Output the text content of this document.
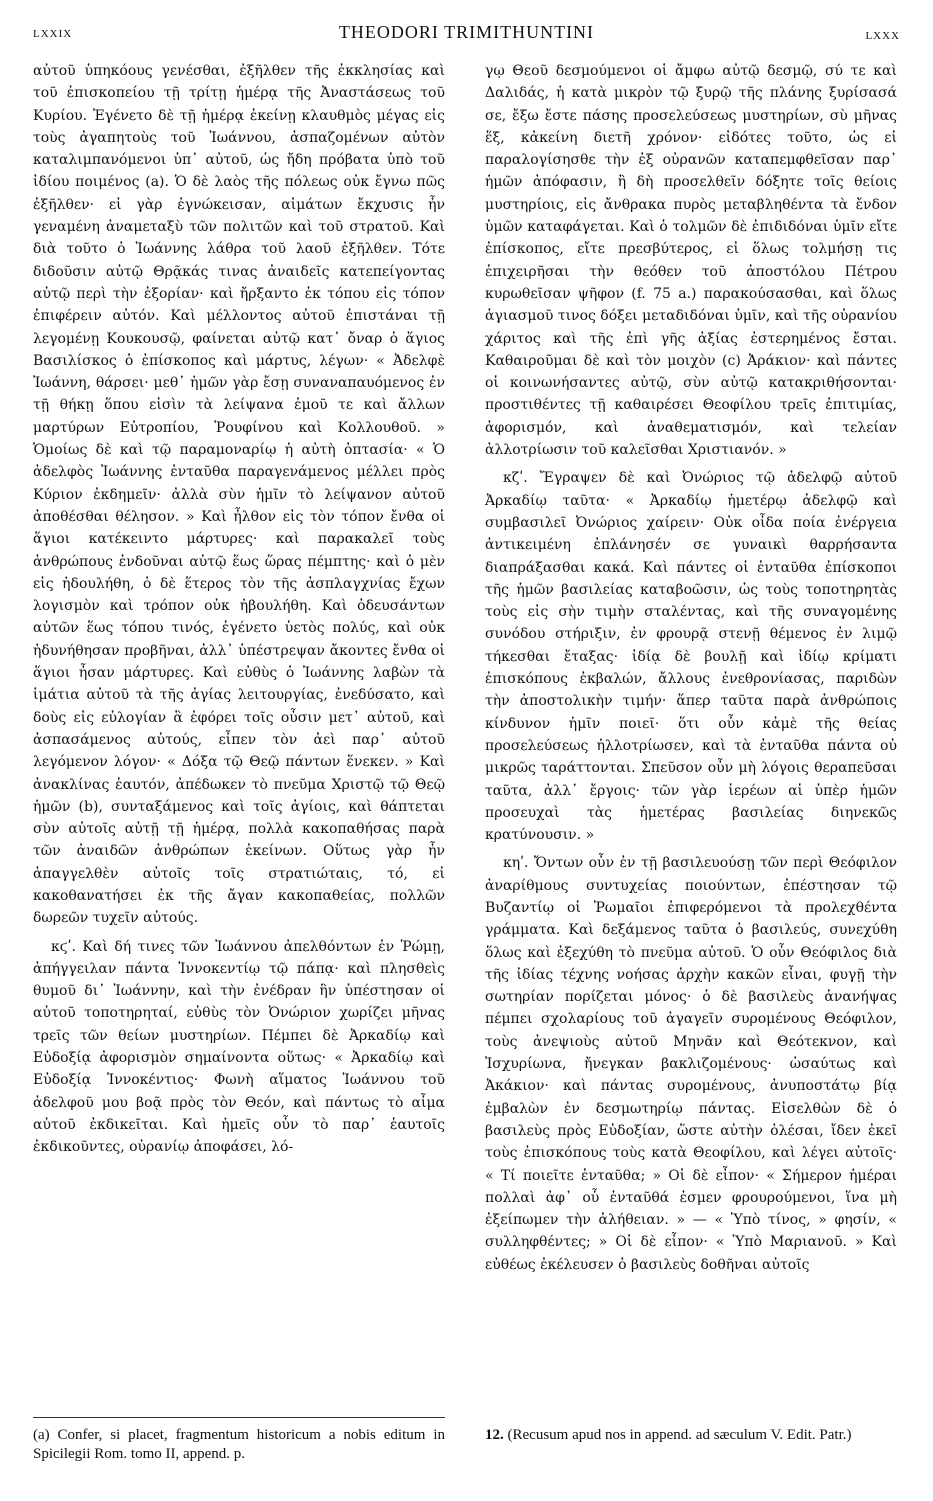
LXXIX	THEODORI TRIMITHUNTINI	LXXX

αὐτοῦ ὑπηκόους γενέσθαι, ἐξῆλθεν τῆς ἐκκλησίας καὶ τοῦ ἐπισκοπείου τῇ τρίτῃ ἡμέρᾳ τῆς Ἀναστάσεως τοῦ Κυρίου. Ἐγένετο δὲ τῇ ἡμέρᾳ ἐκείνῃ κλαυθμὸς μέγας εἰς τοὺς ἀγαπητοὺς τοῦ Ἰωάννου, ἀσπαζομένων αὐτὸν καταλιμπανόμενοι ὑπ᾽ αὐτοῦ, ὡς ἤδη πρόβατα ὑπὸ τοῦ ἰδίου ποιμένος (a). Ὁ δὲ λαὸς τῆς πόλεως οὐκ ἔγνω πῶς ἐξῆλθεν· εἰ γὰρ ἐγνώκεισαν, αἱμάτων ἔκχυσις ἦν γεναμένη ἀναμεταξὺ τῶν πολιτῶν καὶ τοῦ στρατοῦ. Καὶ διὰ τοῦτο ὁ Ἰωάννης λάθρα τοῦ λαοῦ ἐξῆλθεν. Τότε διδοῦσιν αὐτῷ Θρᾷκάς τινας ἀναιδεῖς κατεπείγοντας αὐτῷ περὶ τὴν ἐξορίαν· καὶ ἤρξαντο ἐκ τόπου εἰς τόπον ἐπιφέρειν αὐτόν. Καὶ μέλλοντος αὐτοῦ ἐπιστάναι τῇ λεγομένῃ Κουκουσῷ, φαίνεται αὐτῷ κατ᾽ ὄναρ ὁ ἅγιος Βασιλίσκος ὁ ἐπίσκοπος καὶ μάρτυς, λέγων· « Ἀδελφὲ Ἰωάννη, θάρσει· μεθ᾽ ἡμῶν γὰρ ἔσῃ συναναπαυόμενος ἐν τῇ θήκῃ ὅπου εἰσὶν τὰ λείψανα ἐμοῦ τε καὶ ἄλλων μαρτύρων Εὐτροπίου, Ῥουφίνου καὶ Κολλουθοῦ. » Ὁμοίως δὲ καὶ τῷ παραμοναρίῳ ἡ αὐτὴ ὀπτασία· « Ὁ ἀδελφὸς Ἰωάννης ἐνταῦθα παραγενάμενος μέλλει πρὸς Κύριον ἐκδημεῖν· ἀλλὰ σὺν ἡμῖν τὸ λείψανον αὐτοῦ ἀποθέσθαι θέλησον. » Καὶ ἦλθον εἰς τὸν τόπον ἔνθα οἱ ἅγιοι κατέκειντο μάρτυρες· καὶ παρακαλεῖ τοὺς ἀνθρώπους ἐνδοῦναι αὐτῷ ἕως ὥρας πέμπτης· καὶ ὁ μὲν εἰς ἡδουλήθη, ὁ δὲ ἕτερος τὸν τῆς ἀσπλαγχνίας ἔχων λογισμὸν καὶ τρόπον οὐκ ἠβουλήθη. Καὶ ὁδευσάντων αὐτῶν ἕως τόπου τινός, ἐγένετο ὑετὸς πολύς, καὶ οὐκ ἠδυνήθησαν προβῆναι, ἀλλ᾽ ὑπέστρεψαν ἄκοντες ἔνθα οἱ ἅγιοι ἦσαν μάρτυρες. Καὶ εὐθὺς ὁ Ἰωάννης λαβὼν τὰ ἱμάτια αὐτοῦ τὰ τῆς ἁγίας λειτουργίας, ἐνεδύσατο, καὶ δοὺς εἰς εὐλογίαν ἃ ἐφόρει τοῖς οὖσιν μετ᾽ αὐτοῦ, καὶ ἀσπασάμενος αὐτούς, εἶπεν τὸν ἀεὶ παρ᾽ αὐτοῦ λεγόμενον λόγον· « Δόξα τῷ Θεῷ πάντων ἕνεκεν. » Καὶ ἀνακλίνας ἑαυτόν, ἀπέδωκεν τὸ πνεῦμα Χριστῷ τῷ Θεῷ ἡμῶν (b), συνταξάμενος καὶ τοῖς ἁγίοις, καὶ θάπτεται σὺν αὐτοῖς αὐτῇ τῇ ἡμέρᾳ, πολλὰ κακοπαθήσας παρὰ τῶν ἀναιδῶν ἀνθρώπων ἐκείνων. Οὕτως γὰρ ἦν ἀπαγγελθὲν αὐτοῖς τοῖς στρατιώταις, τό, εἰ κακοθανατήσει ἐκ τῆς ἄγαν κακοπαθείας, πολλῶν δωρεῶν τυχεῖν αὐτούς.

κϛʹ. Καὶ δή τινες τῶν Ἰωάννου ἀπελθόντων ἐν Ῥώμῃ, ἀπήγγειλαν πάντα Ἰννοκεντίῳ τῷ πάπᾳ· καὶ πλησθεὶς θυμοῦ δι᾽ Ἰωάννην, καὶ τὴν ἐνέδραν ἣν ὑπέστησαν οἱ αὐτοῦ τοποτηρηταί, εὐθὺς τὸν Ὀνώριον χωρίζει μῆνας τρεῖς τῶν θείων μυστηρίων. Πέμπει δὲ Ἀρκαδίῳ καὶ Εὐδοξίᾳ ἀφορισμὸν σημαίνοντα οὕτως· « Ἀρκαδίῳ καὶ Εὐδοξίᾳ Ἰννοκέντιος· Φωνὴ αἵματος Ἰωάννου τοῦ ἀδελφοῦ μου βοᾷ πρὸς τὸν Θεόν, καὶ πάντως τὸ αἷμα αὐτοῦ ἐκδικεῖται. Καὶ ἡμεῖς οὖν τὸ παρ᾽ ἑαυτοῖς ἐκδικοῦντες, οὐρανίῳ ἀποφάσει, λό-

γῳ Θεοῦ δεσμούμενοι οἱ ἄμφω αὐτῷ δεσμῷ, σύ τε καὶ Δαλιδάς, ἡ κατὰ μικρὸν τῷ ξυρῷ τῆς πλάνης ξυρίσασά σε, ἔξω ἔστε πάσης προσελεύσεως μυστηρίων, σὺ μῆνας ἕξ, κἀκείνη διετῆ χρόνον· εἰδότες τοῦτο, ὡς εἰ παραλογίσησθε τὴν ἐξ οὐρανῶν καταπεμφθεῖσαν παρ᾽ ἡμῶν ἀπόφασιν, ἢ δὴ προσελθεῖν δόξητε τοῖς θείοις μυστηρίοις, εἰς ἄνθρακα πυρὸς μεταβληθέντα τὰ ἔνδον ὑμῶν καταφάγεται. Καὶ ὁ τολμῶν δὲ ἐπιδιδόναι ὑμῖν εἴτε ἐπίσκοπος, εἴτε πρεσβύτερος, εἰ ὅλως τολμήσῃ τις ἐπιχειρῆσαι τὴν θεόθεν τοῦ ἀποστόλου Πέτρου κυρωθεῖσαν ψῆφον (f. 75 a.) παρακούσασθαι, καὶ ὅλως ἁγιασμοῦ τινος δόξει μεταδιδόναι ὑμῖν, καὶ τῆς οὐρανίου χάριτος καὶ τῆς ἐπὶ γῆς ἀξίας ἐστερημένος ἔσται. Καθαιροῦμαι δὲ καὶ τὸν μοιχὸν (c) Ἀράκιον· καὶ πάντες οἱ κοινωνήσαντες αὐτῷ, σὺν αὐτῷ κατακριθήσονται· προστιθέντες τῇ καθαιρέσει Θεοφίλου τρεῖς ἐπιτιμίας, ἀφορισμόν, καὶ ἀναθεματισμόν, καὶ τελείαν ἀλλοτρίωσιν τοῦ καλεῖσθαι Χριστιανόν. »

κζʹ. Ἔγραψεν δὲ καὶ Ὀνώριος τῷ ἀδελφῷ αὐτοῦ Ἀρκαδίῳ ταῦτα· « Ἀρκαδίῳ ἡμετέρῳ ἀδελφῷ καὶ συμβασιλεῖ Ὀνώριος χαίρειν· Οὐκ οἶδα ποία ἐνέργεια ἀντικειμένη ἐπλάνησέν σε γυναικὶ θαρρήσαντα διαπράξασθαι κακά. Καὶ πάντες οἱ ἐνταῦθα ἐπίσκοποι τῆς ἡμῶν βασιλείας καταβοῶσιν, ὡς τοὺς τοποτηρητὰς τοὺς εἰς σὴν τιμὴν σταλέντας, καὶ τῆς συναγομένης συνόδου στήριξιν, ἐν φρουρᾷ στενῇ θέμενος ἐν λιμῷ τήκεσθαι ἔταξας· ἰδίᾳ δὲ βουλῇ καὶ ἰδίῳ κρίματι ἐπισκόπους ἐκβαλών, ἄλλους ἐνεθρονίασας, παριδὼν τὴν ἀποστολικὴν τιμήν· ἅπερ ταῦτα παρὰ ἀνθρώποις κίνδυνον ἡμῖν ποιεῖ· ὅτι οὖν κἀμὲ τῆς θείας προσελεύσεως ἠλλοτρίωσεν, καὶ τὰ ἐνταῦθα πάντα οὐ μικρῶς ταράττονται. Σπεῦσον οὖν μὴ λόγοις θεραπεῦσαι ταῦτα, ἀλλ᾽ ἔργοις· τῶν γὰρ ἱερέων αἱ ὑπὲρ ἡμῶν προσευχαὶ τὰς ἡμετέρας βασιλείας διηνεκῶς κρατύνουσιν. »

κηʹ. Ὄντων οὖν ἐν τῇ βασιλευούσῃ τῶν περὶ Θεόφιλον ἀναρίθμους συντυχείας ποιούντων, ἐπέστησαν τῷ Βυζαντίῳ οἱ Ῥωμαῖοι ἐπιφερόμενοι τὰ προλεχθέντα γράμματα. Καὶ δεξάμενος ταῦτα ὁ βασιλεύς, συνεχύθη ὅλως καὶ ἐξεχύθη τὸ πνεῦμα αὐτοῦ. Ὁ οὖν Θεόφιλος διὰ τῆς ἰδίας τέχνης νοήσας ἀρχὴν κακῶν εἶναι, φυγῇ τὴν σωτηρίαν πορίζεται μόνος· ὁ δὲ βασιλεὺς ἀνανήψας πέμπει σχολαρίους τοῦ ἀγαγεῖν συρομένους Θεόφιλον, τοὺς ἀνεψιοὺς αὐτοῦ Μηνᾶν καὶ Θεότεκνον, καὶ Ἰσχυρίωνα, ἤνεγκαν βακλιζομένους· ὡσαύτως καὶ Ἀκάκιον· καὶ πάντας συρομένους, ἀνυποστάτῳ βίᾳ ἐμβαλὼν ἐν δεσμωτηρίῳ πάντας. Εἰσελθὼν δὲ ὁ βασιλεὺς πρὸς Εὐδοξίαν, ὥστε αὐτὴν ὀλέσαι, ἴδεν ἐκεῖ τοὺς ἐπισκόπους τοὺς κατὰ Θεοφίλου, καὶ λέγει αὐτοῖς· « Τί ποιεῖτε ἐνταῦθα; » Οἱ δὲ εἶπον· « Σήμερον ἡμέραι πολλαὶ ἀφ᾽ οὗ ἐνταῦθά ἐσμεν φρουρούμενοι, ἵνα μὴ ἐξείπωμεν τὴν ἀλήθειαν. » — « Ὑπὸ τίνος, » φησίν, « συλληφθέντες; » Οἱ δὲ εἶπον· « Ὑπὸ Μαριανοῦ. » Καὶ εὐθέως ἐκέλευσεν ὁ βασιλεὺς δοθῆναι αὐτοῖς

(a) Confer, si placet, fragmentum historicum a nobis editum in Spicilegii Rom. tomo II, append. p.
12. (Recusum apud nos in append. ad sæculum V. Edit. Patr.)
